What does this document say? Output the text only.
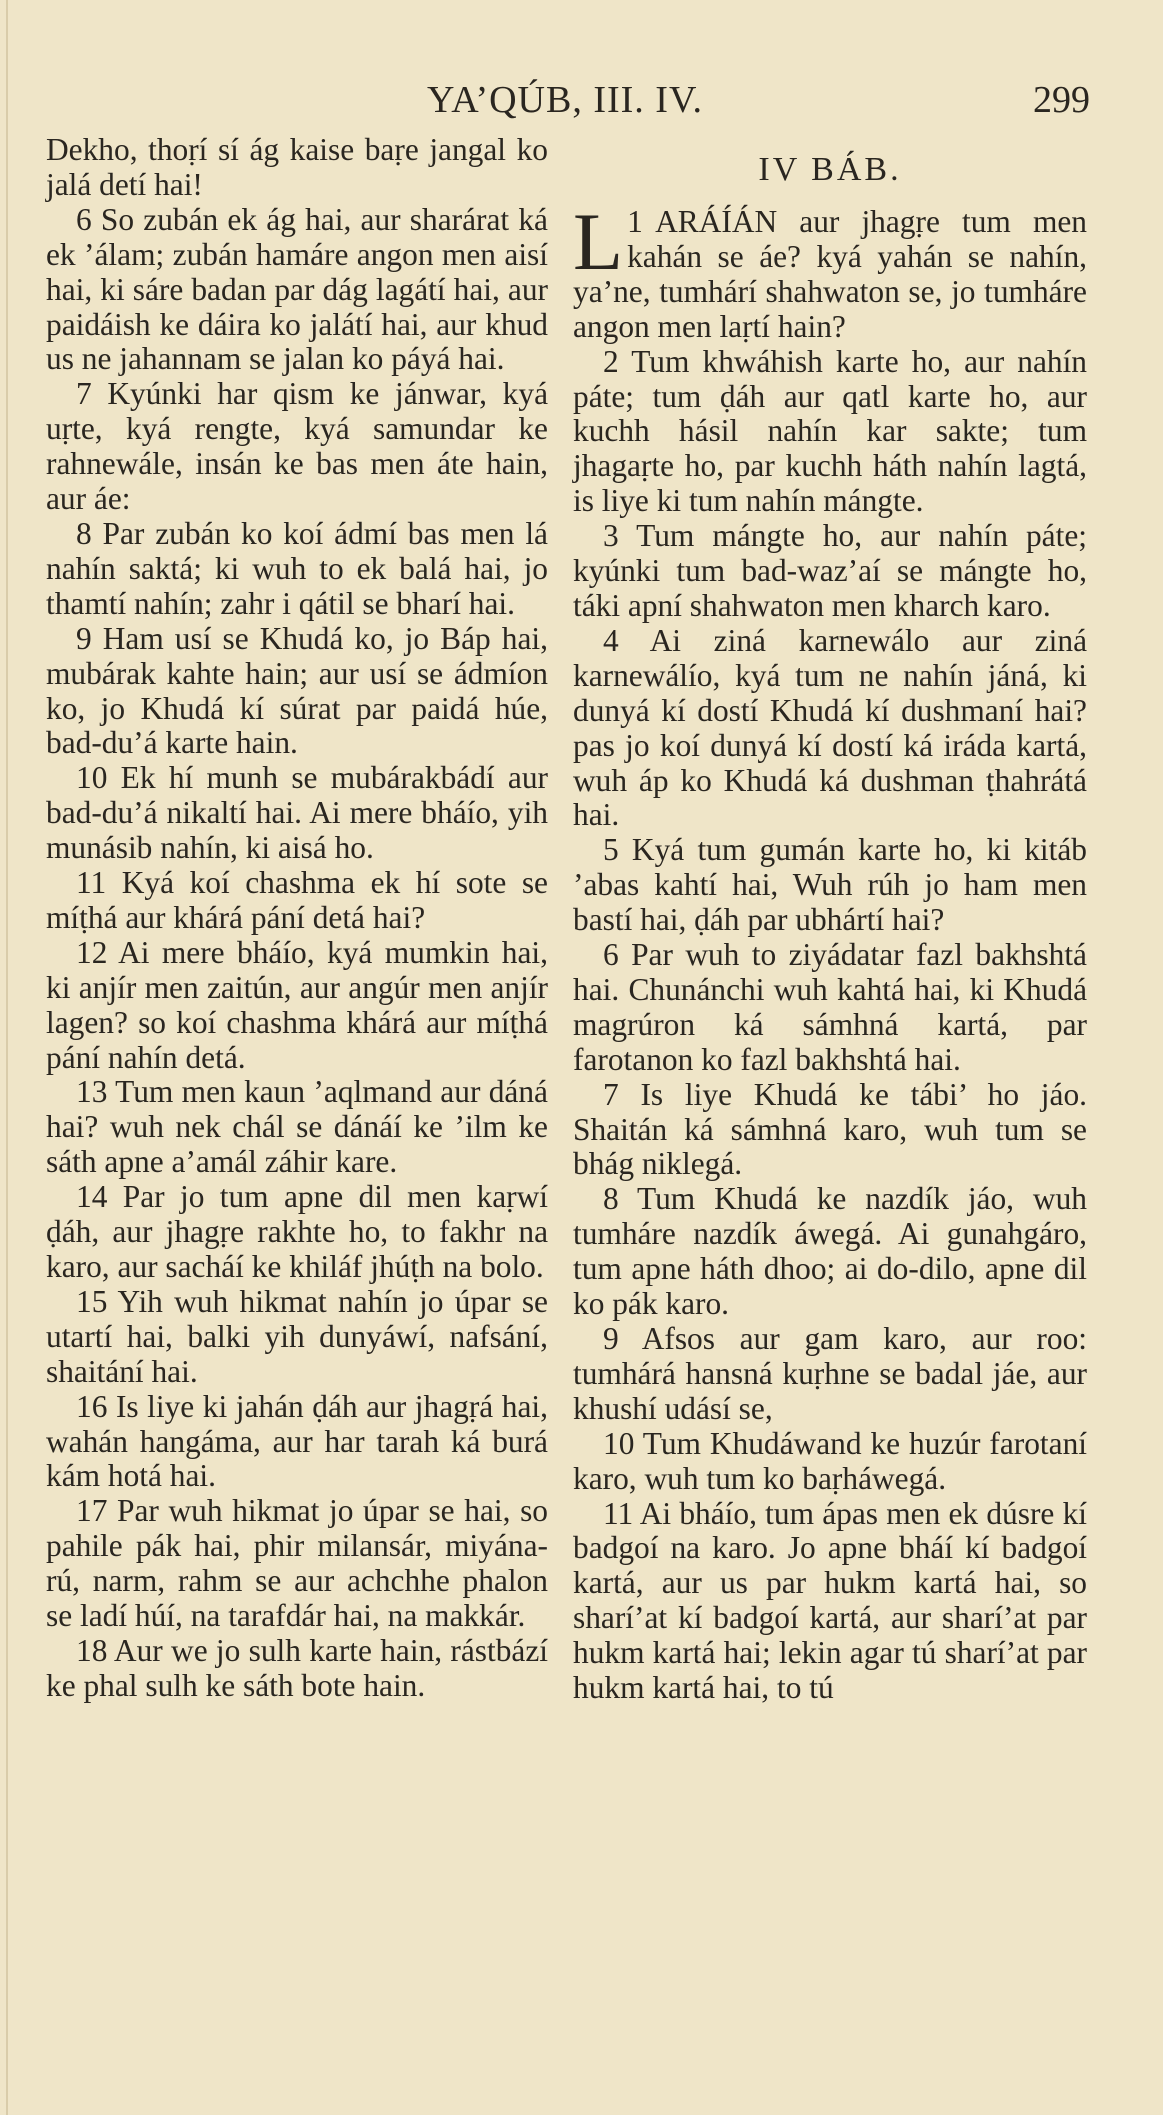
YA’QÚB, III. IV.	299

Dekho, thoṛí sí ág kaise baṛe jangal ko jalá detí hai!

6 So zubán ek ág hai, aur sharárat ká ek ’álam; zubán hamáre angon men aisí hai, ki sáre badan par dág lagátí hai, aur paidáish ke dáira ko jalátí hai, aur khud us ne jahannam se jalan ko páyá hai.

7 Kyúnki har qism ke jánwar, kyá uṛte, kyá rengte, kyá samundar ke rahnewále, insán ke bas men áte hain, aur áe:

8 Par zubán ko koí ádmí bas men lá nahín saktá; ki wuh to ek balá hai, jo thamtí nahín; zahr i qátil se bharí hai.

9 Ham usí se Khudá ko, jo Báp hai, mubárak kahte hain; aur usí se ádmíon ko, jo Khudá kí súrat par paidá húe, bad-du’á karte hain.

10 Ek hí munh se mubárakbádí aur bad-du’á nikaltí hai. Ai mere bháío, yih munásib nahín, ki aisá ho.

11 Kyá koí chashma ek hí sote se míṭhá aur khárá pání detá hai?

12 Ai mere bháío, kyá mumkin hai, ki anjír men zaitún, aur angúr men anjír lagen? so koí chashma khárá aur míṭhá pání nahín detá.

13 Tum men kaun ’aqlmand aur dáná hai? wuh nek chál se dánáí ke ’ilm ke sáth apne a’amál záhir kare.

14 Par jo tum apne dil men kaṛwí ḍáh, aur jhagṛe rakhte ho, to fakhr na karo, aur sacháí ke khiláf jhúṭh na bolo.

15 Yih wuh hikmat nahín jo úpar se utartí hai, balki yih dunyáwí, nafsání, shaitání hai.

16 Is liye ki jahán ḍáh aur jhagṛá hai, wahán hangáma, aur har tarah ká burá kám hotá hai.

17 Par wuh hikmat jo úpar se hai, so pahile pák hai, phir milansár, miyána-rú, narm, rahm se aur achchhe phalon se ladí húí, na tarafdár hai, na makkár.

18 Aur we jo sulh karte hain, rástbází ke phal sulh ke sáth bote hain.

IV BÁB.

1
L ARÁÍÁN aur jhagṛe tum men kahán se áe? kyá yahán se nahín, ya’ne, tumhárí shahwaton se, jo tumháre angon men laṛtí hain?

2 Tum khwáhish karte ho, aur nahín páte; tum ḍáh aur qatl karte ho, aur kuchh hásil nahín kar sakte; tum jhagaṛte ho, par kuchh háth nahín lagtá, is liye ki tum nahín mángte.

3 Tum mángte ho, aur nahín páte; kyúnki tum bad-waz’aí se mángte ho, táki apní shahwaton men kharch karo.

4 Ai ziná karnewálo aur ziná karnewálío, kyá tum ne nahín jáná, ki dunyá kí dostí Khudá kí dushmaní hai? pas jo koí dunyá kí dostí ká iráda kartá, wuh áp ko Khudá ká dushman ṭhahrátá hai.

5 Kyá tum gumán karte ho, ki kitáb ’abas kahtí hai, Wuh rúh jo ham men bastí hai, ḍáh par ubhártí hai?

6 Par wuh to ziyádatar fazl bakhshtá hai. Chunánchi wuh kahtá hai, ki Khudá magrúron ká sámhná kartá, par farotanon ko fazl bakhshtá hai.

7 Is liye Khudá ke tábi’ ho jáo. Shaitán ká sámhná karo, wuh tum se bhág niklegá.

8 Tum Khudá ke nazdík jáo, wuh tumháre nazdík áwegá. Ai gunahgáro, tum apne háth dhoo; ai do-dilo, apne dil ko pák karo.

9 Afsos aur gam karo, aur roo: tumhárá hansná kuṛhne se badal jáe, aur khushí udásí se,

10 Tum Khudáwand ke huzúr farotaní karo, wuh tum ko baṛháwegá.

11 Ai bháío, tum ápas men ek dúsre kí badgoí na karo. Jo apne bháí kí badgoí kartá, aur us par hukm kartá hai, so sharí’at kí badgoí kartá, aur sharí’at par hukm kartá hai; lekin agar tú sharí’at par hukm kartá hai, to tú
